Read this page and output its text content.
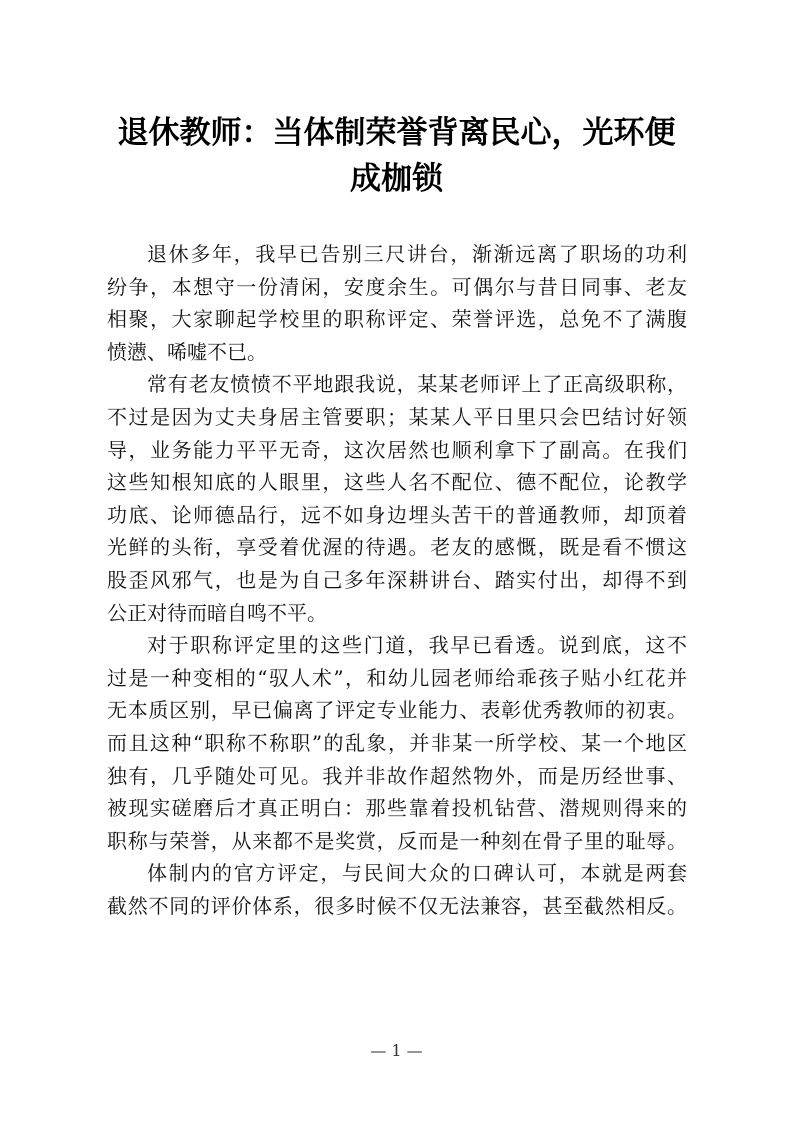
退休教师：当体制荣誉背离民心，光环便
成枷锁
退休多年，我早已告别三尺讲台，渐渐远离了职场的功利
纷争，本想守一份清闲，安度余生。可偶尔与昔日同事、老友
相聚，大家聊起学校里的职称评定、荣誉评选，总免不了满腹
愤懑、唏嘘不已。
常有老友愤愤不平地跟我说，某某老师评上了正高级职称，
不过是因为丈夫身居主管要职；某某人平日里只会巴结讨好领
导，业务能力平平无奇，这次居然也顺利拿下了副高。在我们
这些知根知底的人眼里，这些人名不配位、德不配位，论教学
功底、论师德品行，远不如身边埋头苦干的普通教师，却顶着
光鲜的头衔，享受着优渥的待遇。老友的感慨，既是看不惯这
股歪风邪气，也是为自己多年深耕讲台、踏实付出，却得不到
公正对待而暗自鸣不平。
对于职称评定里的这些门道，我早已看透。说到底，这不
过是一种变相的“驭人术”，和幼儿园老师给乖孩子贴小红花并
无本质区别，早已偏离了评定专业能力、表彰优秀教师的初衷。
而且这种“职称不称职”的乱象，并非某一所学校、某一个地区
独有，几乎随处可见。我并非故作超然物外，而是历经世事、
被现实磋磨后才真正明白：那些靠着投机钻营、潜规则得来的
职称与荣誉，从来都不是奖赏，反而是一种刻在骨子里的耻辱。
体制内的官方评定，与民间大众的口碑认可，本就是两套
截然不同的评价体系，很多时候不仅无法兼容，甚至截然相反。
— 1 —
